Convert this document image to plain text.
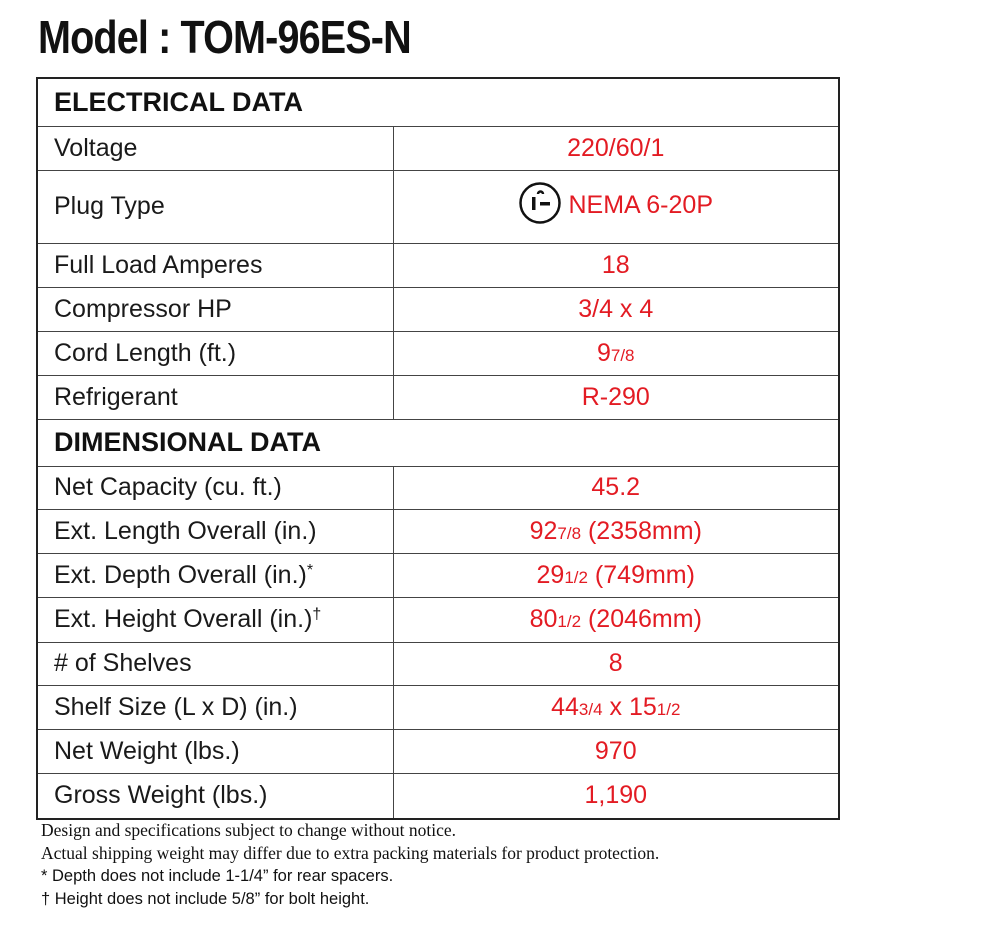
Model : TOM-96ES-N
ELECTRICAL DATA	
Voltage	220/60/1
Plug Type	NEMA 6-20P
Full Load Amperes	18
Compressor HP	3/4 x 4
Cord Length (ft.)	97/8
Refrigerant	R-290
DIMENSIONAL DATA	
Net Capacity (cu. ft.)	45.2
Ext. Length Overall (in.)	927/8 (2358mm)
Ext. Depth Overall (in.)*	291/2 (749mm)
Ext. Height Overall (in.)†	801/2 (2046mm)
# of Shelves	8
Shelf Size (L x D) (in.)	443/4 x 151/2
Net Weight (lbs.)	970
Gross Weight (lbs.)	1,190
Design and specifications subject to change without notice.
Actual shipping weight may differ due to extra packing materials for product protection.
* Depth does not include 1-1/4” for rear spacers.
† Height does not include 5/8” for bolt height.
